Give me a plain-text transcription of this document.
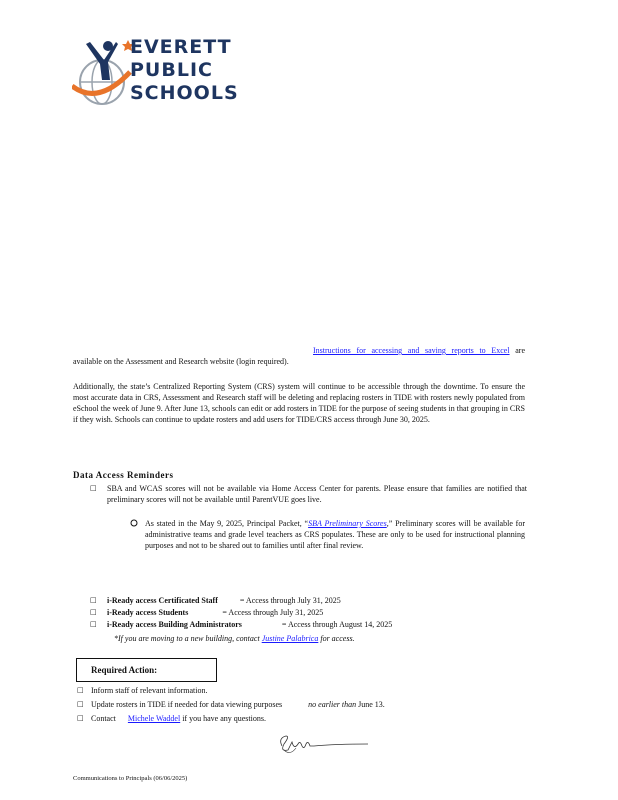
EVERETT
PUBLIC
SCHOOLS
Instructions for accessing and saving reports to Excel are available on the Assessment and Research website (login required).
Additionally, the state’s Centralized Reporting System (CRS) system will continue to be accessible through the downtime. To ensure the most accurate data in CRS, Assessment and Research staff will be deleting and replacing rosters in TIDE with rosters newly populated from eSchool the week of June 9. After June 13, schools can edit or add rosters in TIDE for the purpose of seeing students in that grouping in CRS if they wish. Schools can continue to update rosters and add users for TIDE/CRS access through June 30, 2025.
Data Access Reminders
□ SBA and WCAS scores will not be available via Home Access Center for parents. Please ensure that families are notified that preliminary scores will not be available until ParentVUE goes live.
As stated in the May 9, 2025, Principal Packet, “SBA Preliminary Scores,” Preliminary scores will be available for administrative teams and grade level teachers as CRS populates. These are only to be used for instructional planning purposes and not to be shared out to families until after final review.
□ i-Ready access Certificated Staff	= Access through July 31, 2025
□ i-Ready access Students	= Access through July 31, 2025
□ i-Ready access Building Administrators	= Access through August 14, 2025
*If you are moving to a new building, contact Justine Palabrica for access.
Required Action:
□ Inform staff of relevant information.
□ Update rosters in TIDE if needed for data viewing purposes	no earlier than June 13.
□ Contact Michele Waddel if you have any questions.
Communications to Principals (06/06/2025)
